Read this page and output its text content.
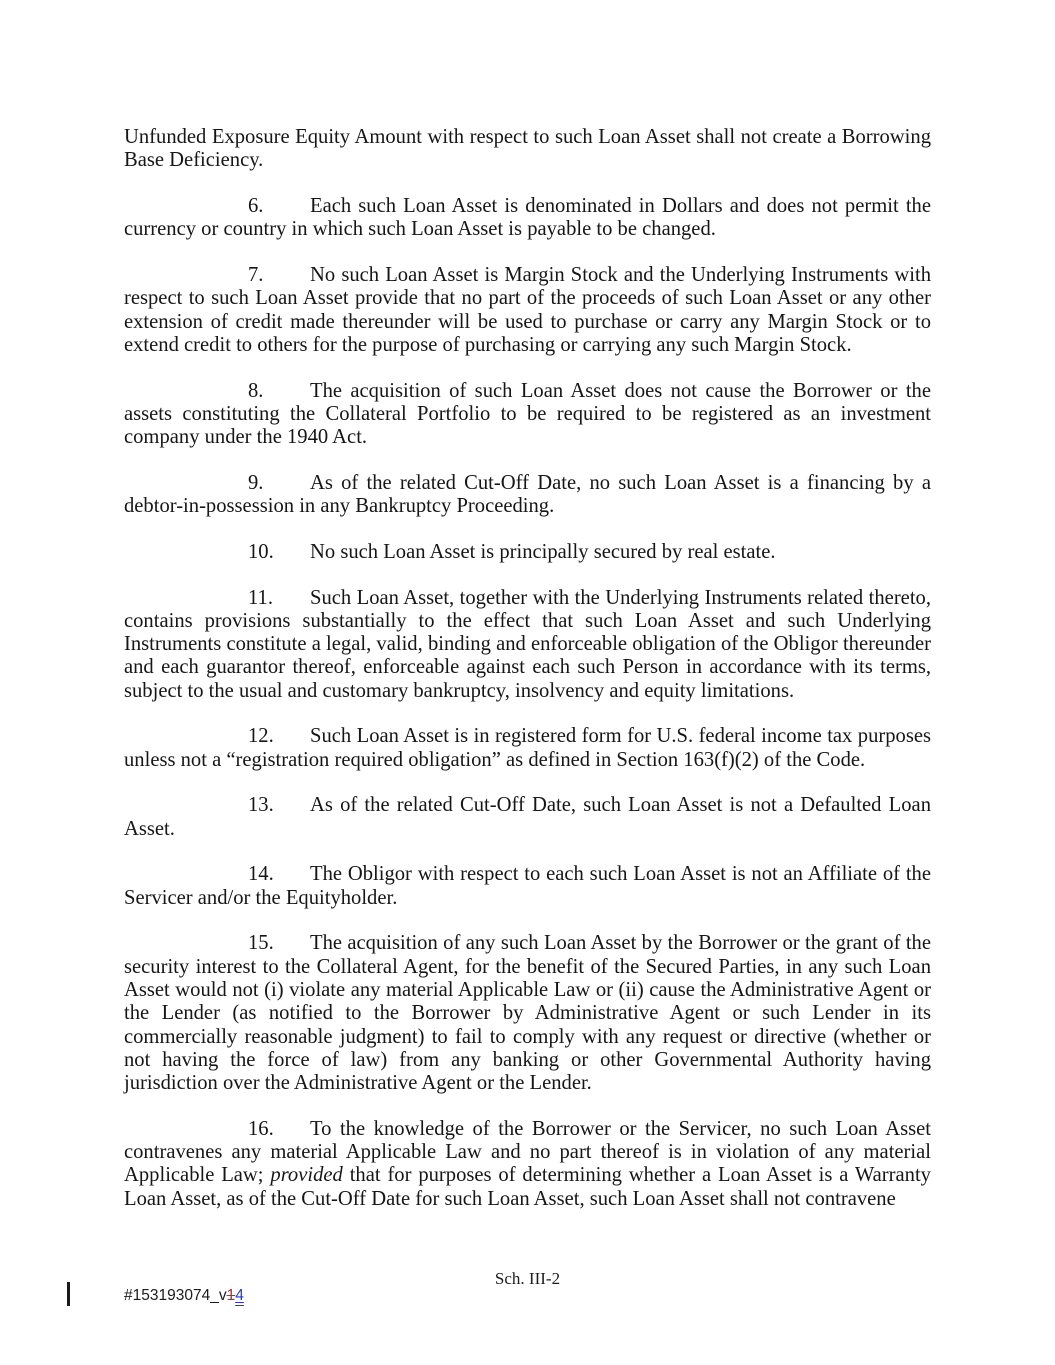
Unfunded Exposure Equity Amount with respect to such Loan Asset shall not create a Borrowing Base Deficiency.

6. Each such Loan Asset is denominated in Dollars and does not permit the currency or country in which such Loan Asset is payable to be changed.

7. No such Loan Asset is Margin Stock and the Underlying Instruments with respect to such Loan Asset provide that no part of the proceeds of such Loan Asset or any other extension of credit made thereunder will be used to purchase or carry any Margin Stock or to extend credit to others for the purpose of purchasing or carrying any such Margin Stock.

8. The acquisition of such Loan Asset does not cause the Borrower or the assets constituting the Collateral Portfolio to be required to be registered as an investment company under the 1940 Act.

9. As of the related Cut-Off Date, no such Loan Asset is a financing by a debtor-in-possession in any Bankruptcy Proceeding.

10. No such Loan Asset is principally secured by real estate.

11. Such Loan Asset, together with the Underlying Instruments related thereto, contains provisions substantially to the effect that such Loan Asset and such Underlying Instruments constitute a legal, valid, binding and enforceable obligation of the Obligor thereunder and each guarantor thereof, enforceable against each such Person in accordance with its terms, subject to the usual and customary bankruptcy, insolvency and equity limitations.

12. Such Loan Asset is in registered form for U.S. federal income tax purposes unless not a “registration required obligation” as defined in Section 163(f)(2) of the Code.

13. As of the related Cut-Off Date, such Loan Asset is not a Defaulted Loan Asset.

14. The Obligor with respect to each such Loan Asset is not an Affiliate of the Servicer and/or the Equityholder.

15. The acquisition of any such Loan Asset by the Borrower or the grant of the security interest to the Collateral Agent, for the benefit of the Secured Parties, in any such Loan Asset would not (i) violate any material Applicable Law or (ii) cause the Administrative Agent or the Lender (as notified to the Borrower by Administrative Agent or such Lender in its commercially reasonable judgment) to fail to comply with any request or directive (whether or not having the force of law) from any banking or other Governmental Authority having jurisdiction over the Administrative Agent or the Lender.

16. To the knowledge of the Borrower or the Servicer, no such Loan Asset contravenes any material Applicable Law and no part thereof is in violation of any material Applicable Law; provided that for purposes of determining whether a Loan Asset is a Warranty Loan Asset, as of the Cut-Off Date for such Loan Asset, such Loan Asset shall not contravene

Sch. III-2
#153193074_v14
